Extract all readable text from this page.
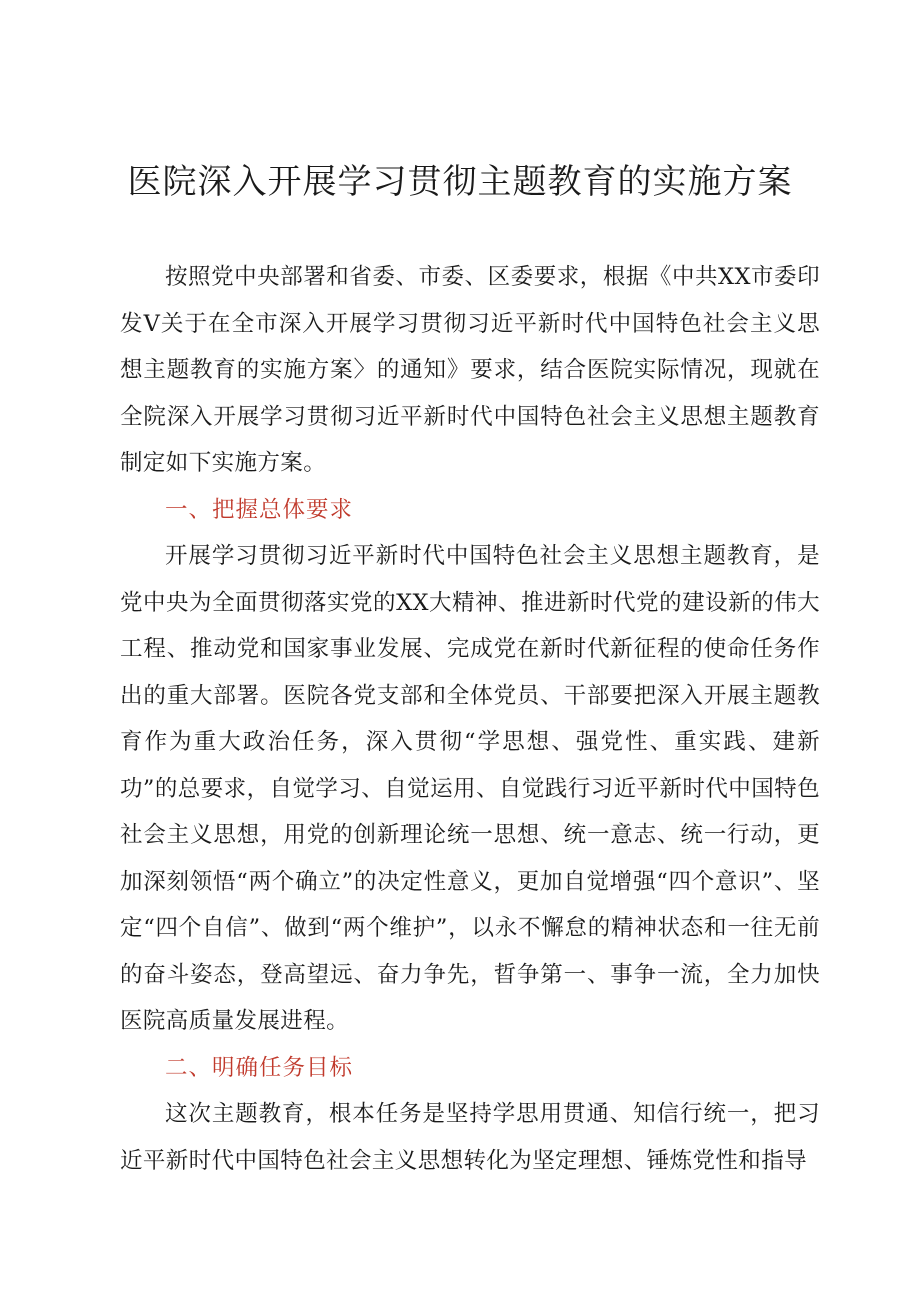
医院深入开展学习贯彻主题教育的实施方案

按照党中央部署和省委、市委、区委要求，根据《中共XX市委印发V关于在全市深入开展学习贯彻习近平新时代中国特色社会主义思想主题教育的实施方案〉的通知》要求，结合医院实际情况，现就在全院深入开展学习贯彻习近平新时代中国特色社会主义思想主题教育制定如下实施方案。

一、把握总体要求

开展学习贯彻习近平新时代中国特色社会主义思想主题教育，是党中央为全面贯彻落实党的XX大精神、推进新时代党的建设新的伟大工程、推动党和国家事业发展、完成党在新时代新征程的使命任务作出的重大部署。医院各党支部和全体党员、干部要把深入开展主题教育作为重大政治任务，深入贯彻“学思想、强党性、重实践、建新功”的总要求，自觉学习、自觉运用、自觉践行习近平新时代中国特色社会主义思想，用党的创新理论统一思想、统一意志、统一行动，更加深刻领悟“两个确立”的决定性意义，更加自觉增强“四个意识”、坚定“四个自信”、做到“两个维护”，以永不懈怠的精神状态和一往无前的奋斗姿态，登高望远、奋力争先，晢争第一、事争一流，全力加快医院高质量发展进程。

二、明确任务目标

这次主题教育，根本任务是坚持学思用贯通、知信行统一，把习近平新时代中国特色社会主义思想转化为坚定理想、锤炼党性和指导
